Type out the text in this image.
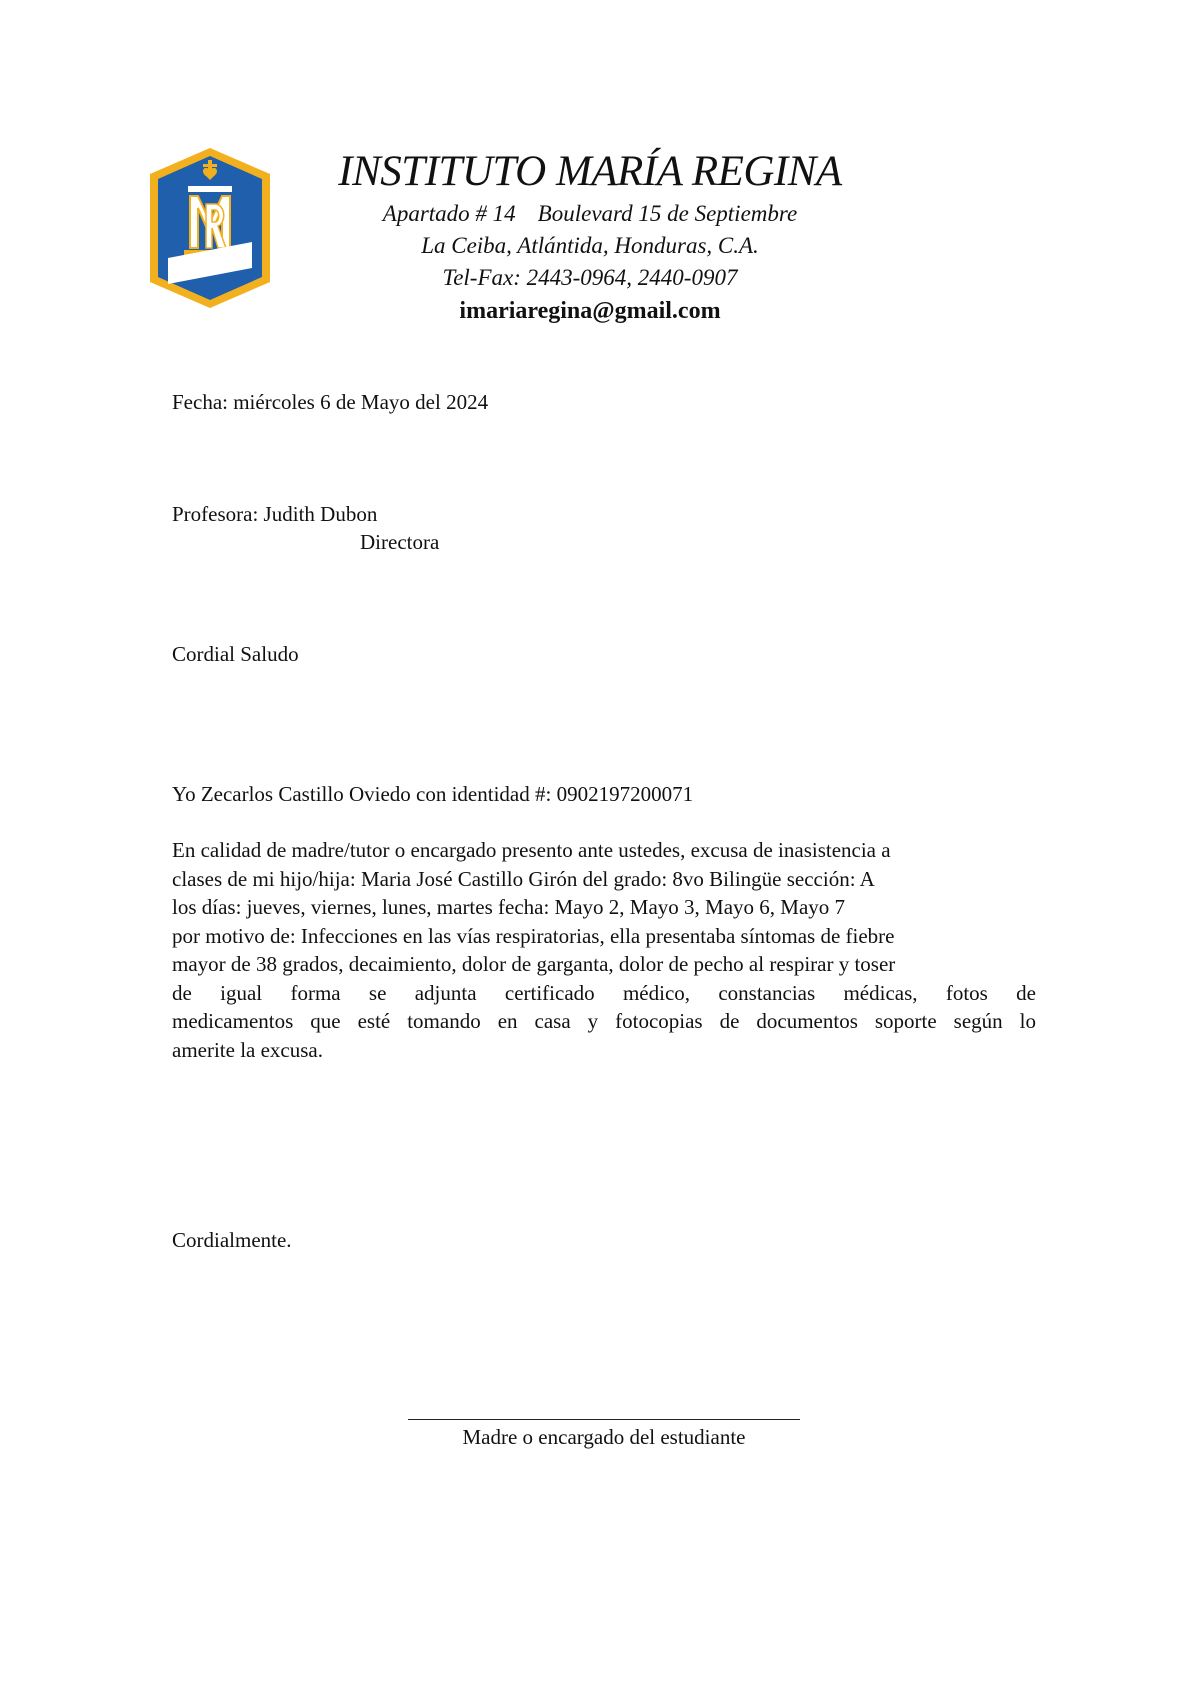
INSTITUTO MARÍA REGINA
Apartado # 14 Boulevard 15 de Septiembre
La Ceiba, Atlántida, Honduras, C.A.
Tel-Fax: 2443-0964, 2440-0907
imariaregina@gmail.com
Fecha: miércoles 6 de Mayo del 2024
Profesora: Judith Dubon
Directora
Cordial Saludo
Yo Zecarlos Castillo Oviedo con identidad #: 0902197200071
En calidad de madre/tutor o encargado presento ante ustedes, excusa de inasistencia a
clases de mi hijo/hija: Maria José Castillo Girón del grado: 8vo Bilingüe sección: A
los días: jueves, viernes, lunes, martes fecha: Mayo 2, Mayo 3, Mayo 6, Mayo 7
por motivo de: Infecciones en las vías respiratorias, ella presentaba síntomas de fiebre
mayor de 38 grados, decaimiento, dolor de garganta, dolor de pecho al respirar y toser
de igual forma se adjunta certificado médico, constancias médicas, fotos de
medicamentos que esté tomando en casa y fotocopias de documentos soporte según lo
amerite la excusa.
Cordialmente.
Madre o encargado del estudiante
